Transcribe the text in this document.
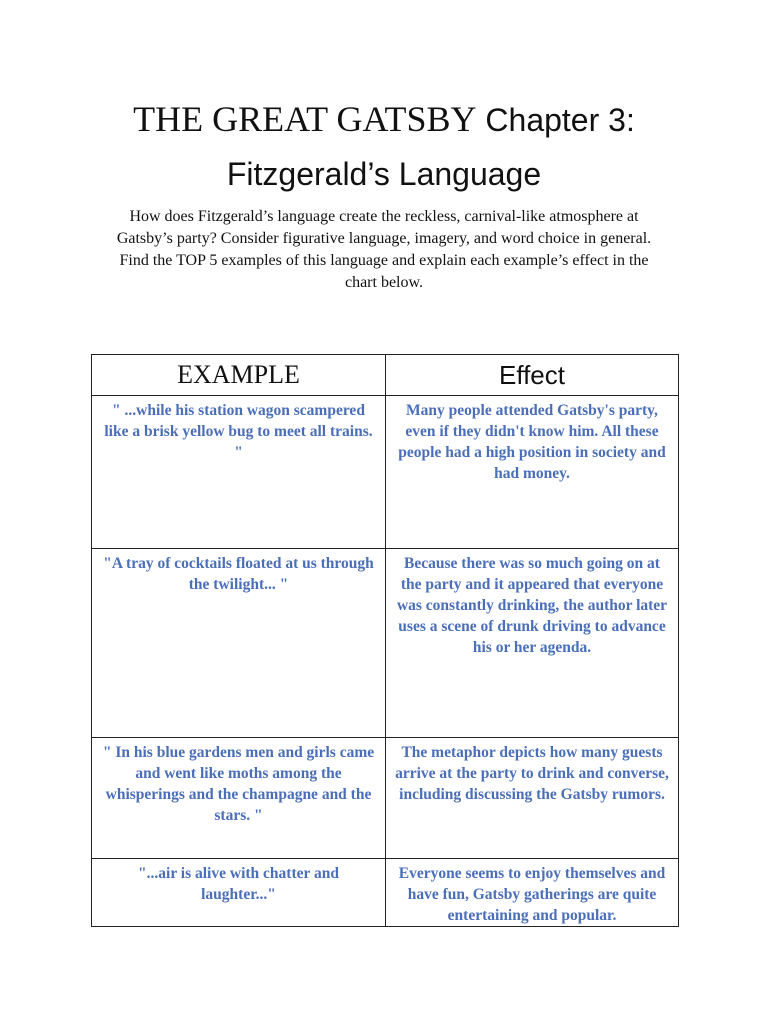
THE GREAT GATSBY Chapter 3:
Fitzgerald’s Language

How does Fitzgerald’s language create the reckless, carnival-like atmosphere at Gatsby’s party? Consider figurative language, imagery, and word choice in general. Find the TOP 5 examples of this language and explain each example’s effect in the chart below.

EXAMPLE	Effect

" ...while his station wagon scampered like a brisk yellow bug to meet all trains. "	Many people attended Gatsby's party, even if they didn't know him. All these people had a high position in society and had money.

"A tray of cocktails floated at us through the twilight... "	Because there was so much going on at the party and it appeared that everyone was constantly drinking, the author later uses a scene of drunk driving to advance his or her agenda.

" In his blue gardens men and girls came and went like moths among the whisperings and the champagne and the stars. "	The metaphor depicts how many guests arrive at the party to drink and converse, including discussing the Gatsby rumors.

"...air is alive with chatter and laughter..."	Everyone seems to enjoy themselves and have fun, Gatsby gatherings are quite entertaining and popular.
